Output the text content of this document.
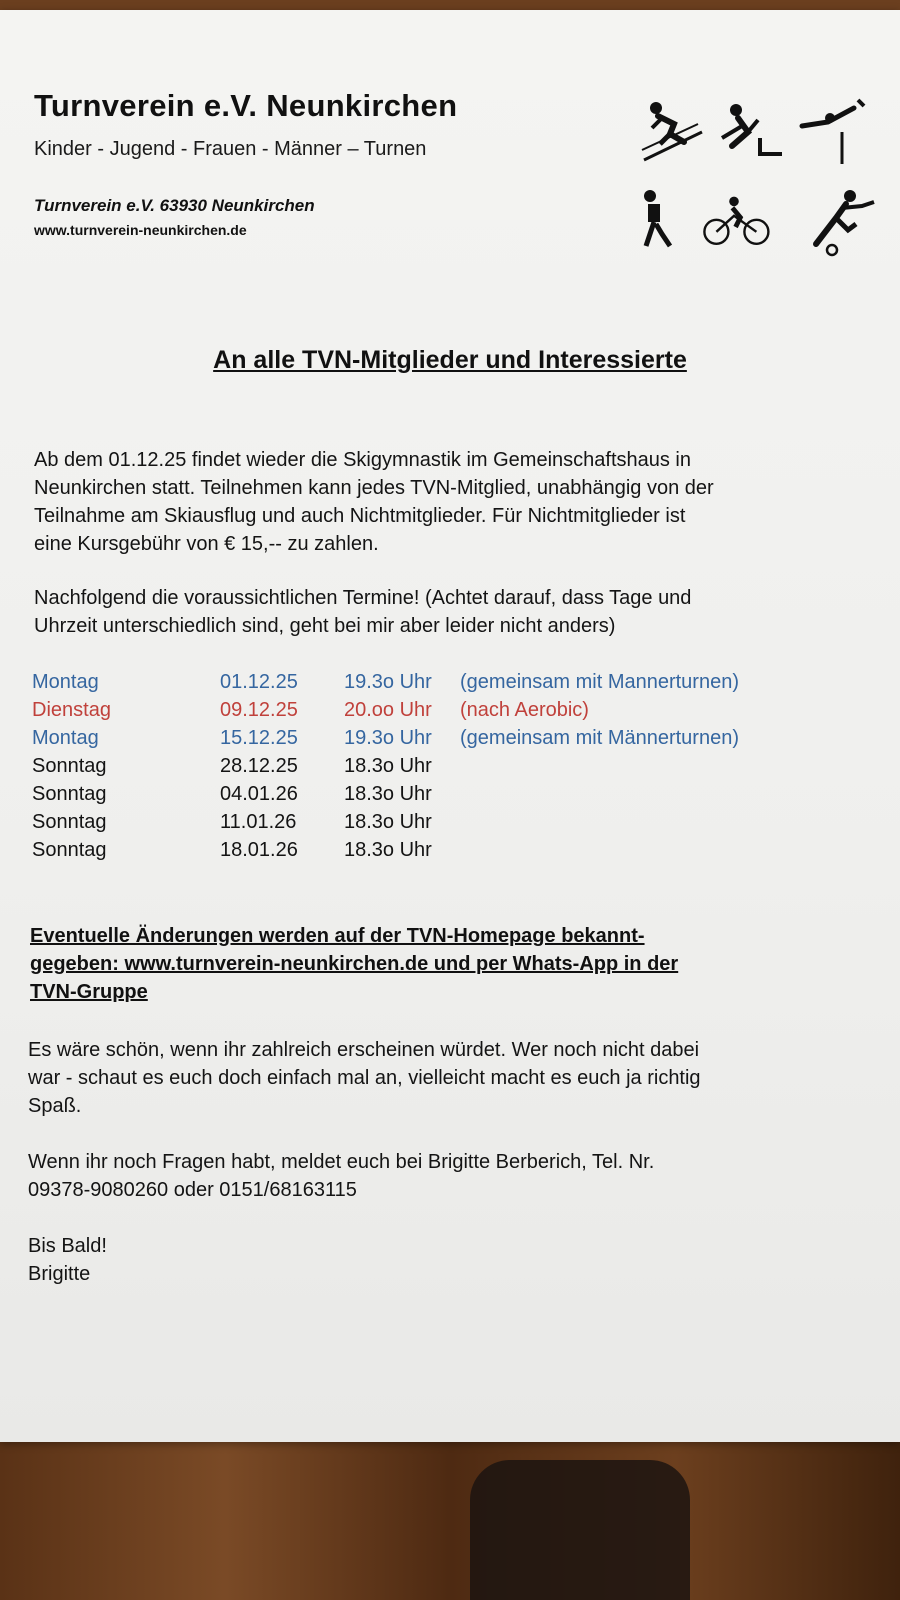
Turnverein e.V. Neunkirchen
Kinder - Jugend - Frauen - Männer – Turnen
Turnverein e.V. 63930 Neunkirchen
www.turnverein-neunkirchen.de
An alle TVN-Mitglieder und Interessierte
Ab dem 01.12.25 findet wieder die Skigymnastik im Gemeinschaftshaus in
Neunkirchen statt. Teilnehmen kann jedes TVN-Mitglied, unabhängig von der
Teilnahme am Skiausflug und auch Nichtmitglieder. Für Nichtmitglieder ist
eine Kursgebühr von € 15,-- zu zahlen.
Nachfolgend die voraussichtlichen Termine! (Achtet darauf, dass Tage und
Uhrzeit unterschiedlich sind, geht bei mir aber leider nicht anders)
Montag	01.12.25 19.3o Uhr (gemeinsam mit Mannerturnen)
Dienstag	09.12.25 20.oo Uhr (nach Aerobic)
Montag	15.12.25 19.3o Uhr (gemeinsam mit Männerturnen)
Sonntag	28.12.25 18.3o Uhr
Sonntag	04.01.26 18.3o Uhr
Sonntag	11.01.26 18.3o Uhr
Sonntag	18.01.26 18.3o Uhr
Eventuelle Änderungen werden auf der TVN-Homepage bekannt-
gegeben: www.turnverein-neunkirchen.de und per Whats-App in der
TVN-Gruppe
Es wäre schön, wenn ihr zahlreich erscheinen würdet. Wer noch nicht dabei
war - schaut es euch doch einfach mal an, vielleicht macht es euch ja richtig
Spaß.
Wenn ihr noch Fragen habt, meldet euch bei Brigitte Berberich, Tel. Nr.
09378-9080260 oder 0151/68163115
Bis Bald!
Brigitte
